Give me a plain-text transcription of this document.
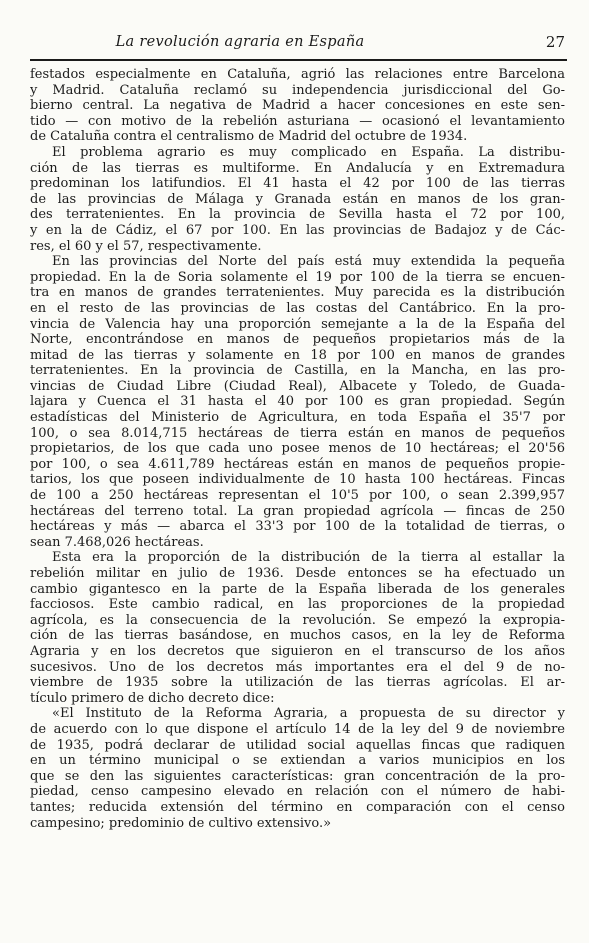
La revolución agraria en España	27
festados especialmente en Cataluña, agrió las relaciones entre Barcelona
y Madrid. Cataluña reclamó su independencia jurisdiccional del Go-
bierno central. La negativa de Madrid a hacer concesiones en este sen-
tido — con motivo de la rebelión asturiana — ocasionó el levantamiento
de Cataluña contra el centralismo de Madrid del octubre de 1934.
El problema agrario es muy complicado en España. La distribu-
ción de las tierras es multiforme. En Andalucía y en Extremadura
predominan los latifundios. El 41 hasta el 42 por 100 de las tierras
de las provincias de Málaga y Granada están en manos de los gran-
des terratenientes. En la provincia de Sevilla hasta el 72 por 100,
y en la de Cádiz, el 67 por 100. En las provincias de Badajoz y de Các-
res, el 60 y el 57, respectivamente.
En las provincias del Norte del país está muy extendida la pequeña
propiedad. En la de Soria solamente el 19 por 100 de la tierra se encuen-
tra en manos de grandes terratenientes. Muy parecida es la distribución
en el resto de las provincias de las costas del Cantábrico. En la pro-
vincia de Valencia hay una proporción semejante a la de la España del
Norte, encontrándose en manos de pequeños propietarios más de la
mitad de las tierras y solamente en 18 por 100 en manos de grandes
terratenientes. En la provincia de Castilla, en la Mancha, en las pro-
vincias de Ciudad Libre (Ciudad Real), Albacete y Toledo, de Guada-
lajara y Cuenca el 31 hasta el 40 por 100 es gran propiedad. Según
estadísticas del Ministerio de Agricultura, en toda España el 35'7 por
100, o sea 8.014,715 hectáreas de tierra están en manos de pequeños
propietarios, de los que cada uno posee menos de 10 hectáreas; el 20'56
por 100, o sea 4.611,789 hectáreas están en manos de pequeños propie-
tarios, los que poseen individualmente de 10 hasta 100 hectáreas. Fincas
de 100 a 250 hectáreas representan el 10'5 por 100, o sean 2.399,957
hectáreas del terreno total. La gran propiedad agrícola — fincas de 250
hectáreas y más — abarca el 33'3 por 100 de la totalidad de tierras, o
sean 7.468,026 hectáreas.
Esta era la proporción de la distribución de la tierra al estallar la
rebelión militar en julio de 1936. Desde entonces se ha efectuado un
cambio gigantesco en la parte de la España liberada de los generales
facciosos. Este cambio radical, en las proporciones de la propiedad
agrícola, es la consecuencia de la revolución. Se empezó la expropia-
ción de las tierras basándose, en muchos casos, en la ley de Reforma
Agraria y en los decretos que siguieron en el transcurso de los años
sucesivos. Uno de los decretos más importantes era el del 9 de no-
viembre de 1935 sobre la utilización de las tierras agrícolas. El ar-
tículo primero de dicho decreto dice:
«El Instituto de la Reforma Agraria, a propuesta de su director y
de acuerdo con lo que dispone el artículo 14 de la ley del 9 de noviembre
de 1935, podrá declarar de utilidad social aquellas fincas que radiquen
en un término municipal o se extiendan a varios municipios en los
que se den las siguientes características: gran concentración de la pro-
piedad, censo campesino elevado en relación con el número de habi-
tantes; reducida extensión del término en comparación con el censo
campesino; predominio de cultivo extensivo.»
